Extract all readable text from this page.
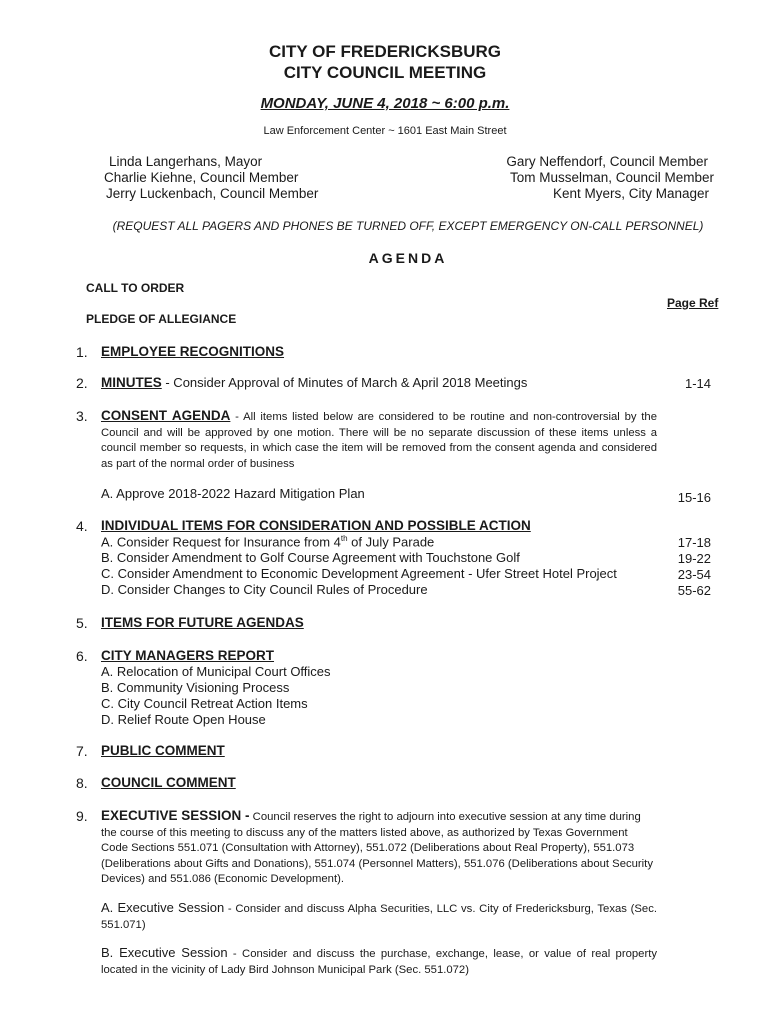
CITY OF FREDERICKSBURG
CITY COUNCIL MEETING
MONDAY, JUNE 4, 2018 ~ 6:00 p.m.
Law Enforcement Center ~ 1601 East Main Street
Linda Langerhans, Mayor
Charlie Kiehne, Council Member
Jerry Luckenbach, Council Member
Gary Neffendorf, Council Member
Tom Musselman, Council Member
Kent Myers, City Manager
(REQUEST ALL PAGERS AND PHONES BE TURNED OFF, EXCEPT EMERGENCY ON-CALL PERSONNEL)
AGENDA
CALL TO ORDER
Page Ref
PLEDGE OF ALLEGIANCE
1. EMPLOYEE RECOGNITIONS
2. MINUTES - Consider Approval of Minutes of March & April 2018 Meetings	1-14
3. CONSENT AGENDA - All items listed below are considered to be routine and non-controversial by the Council and will be approved by one motion. There will be no separate discussion of these items unless a council member so requests, in which case the item will be removed from the consent agenda and considered as part of the normal order of business
A. Approve 2018-2022 Hazard Mitigation Plan	15-16
4. INDIVIDUAL ITEMS FOR CONSIDERATION AND POSSIBLE ACTION
A. Consider Request for Insurance from 4th of July Parade	17-18
B. Consider Amendment to Golf Course Agreement with Touchstone Golf	19-22
C. Consider Amendment to Economic Development Agreement - Ufer Street Hotel Project	23-54
D. Consider Changes to City Council Rules of Procedure	55-62
5. ITEMS FOR FUTURE AGENDAS
6. CITY MANAGERS REPORT
A. Relocation of Municipal Court Offices
B. Community Visioning Process
C. City Council Retreat Action Items
D. Relief Route Open House
7. PUBLIC COMMENT
8. COUNCIL COMMENT
9. EXECUTIVE SESSION - Council reserves the right to adjourn into executive session at any time during the course of this meeting to discuss any of the matters listed above, as authorized by Texas Government Code Sections 551.071 (Consultation with Attorney), 551.072 (Deliberations about Real Property), 551.073 (Deliberations about Gifts and Donations), 551.074 (Personnel Matters), 551.076 (Deliberations about Security Devices) and 551.086 (Economic Development).
A. Executive Session - Consider and discuss Alpha Securities, LLC vs. City of Fredericksburg, Texas (Sec. 551.071)
B. Executive Session - Consider and discuss the purchase, exchange, lease, or value of real property located in the vicinity of Lady Bird Johnson Municipal Park (Sec. 551.072)
